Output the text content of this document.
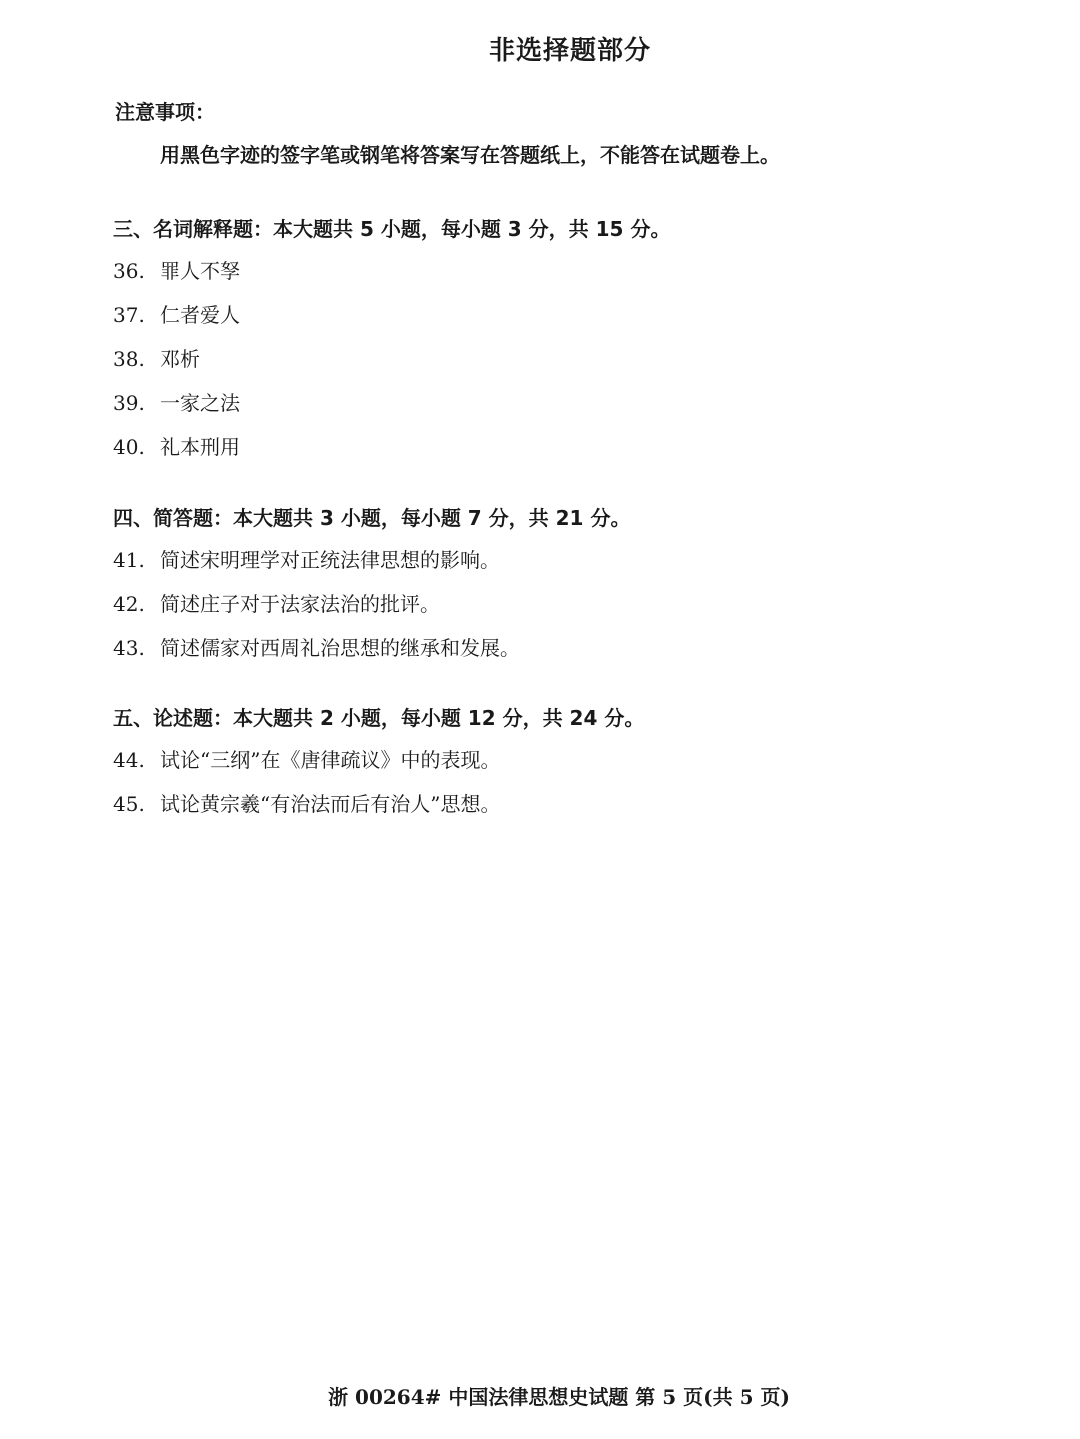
非选择题部分
注意事项：
用黑色字迹的签字笔或钢笔将答案写在答题纸上，不能答在试题卷上。
三、名词解释题：本大题共 5 小题，每小题 3 分，共 15 分。
36. 罪人不孥
37. 仁者爱人
38. 邓析
39. 一家之法
40. 礼本刑用
四、简答题：本大题共 3 小题，每小题 7 分，共 21 分。
41. 简述宋明理学对正统法律思想的影响。
42. 简述庄子对于法家法治的批评。
43. 简述儒家对西周礼治思想的继承和发展。
五、论述题：本大题共 2 小题，每小题 12 分，共 24 分。
44. 试论“三纲”在《唐律疏议》中的表现。
45. 试论黄宗羲“有治法而后有治人”思想。
浙 00264# 中国法律思想史试题 第 5 页(共 5 页)
